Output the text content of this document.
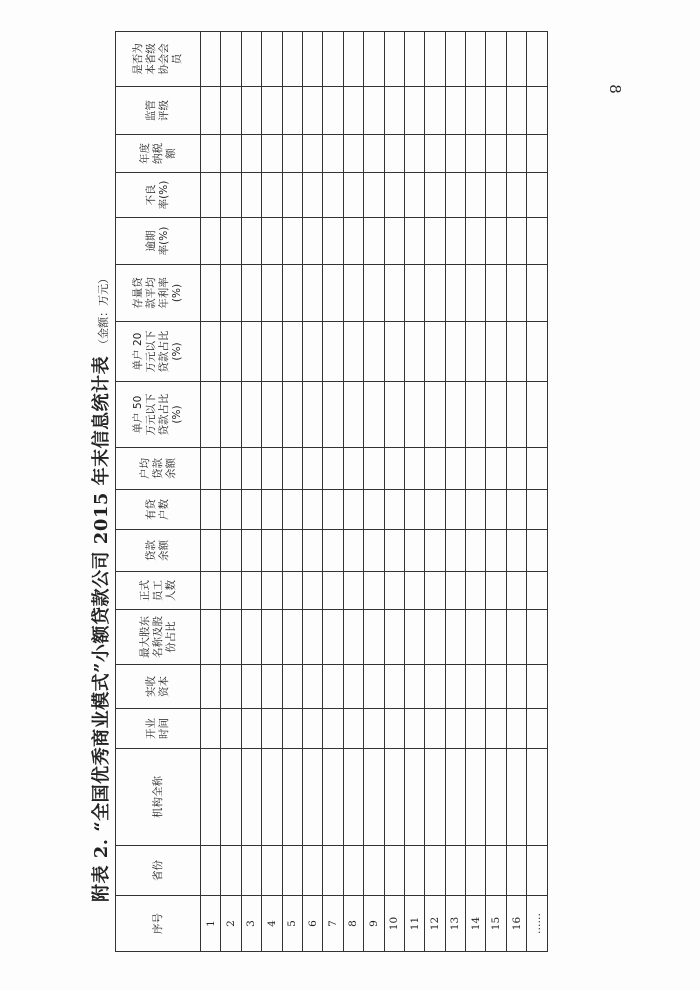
8
附表 2. “全国优秀商业模式”小额贷款公司 2015 年末信息统计表（金额：万元）
序号	省份	机构全称	开业
时间	实收
资本	最大股东
名称及股
份占比	正式
员工
人数	贷款
余额	有贷
户数	户均
贷款
余额	单户 50
万元以下
贷款占比
(%)	单户 20
万元以下
贷款占比
(%)	存量贷
款平均
年利率
(%)	逾期
率(%)	不良
率(%)	年度
纳税
额	监管
评级	是否为
本省级
协会会
员
1																	
2																	
3																	
4																	
5																	
6																	
7																	
8																	
9																	
10																	
11																	
12																	
13																	
14																	
15																	
16																	
……																	
